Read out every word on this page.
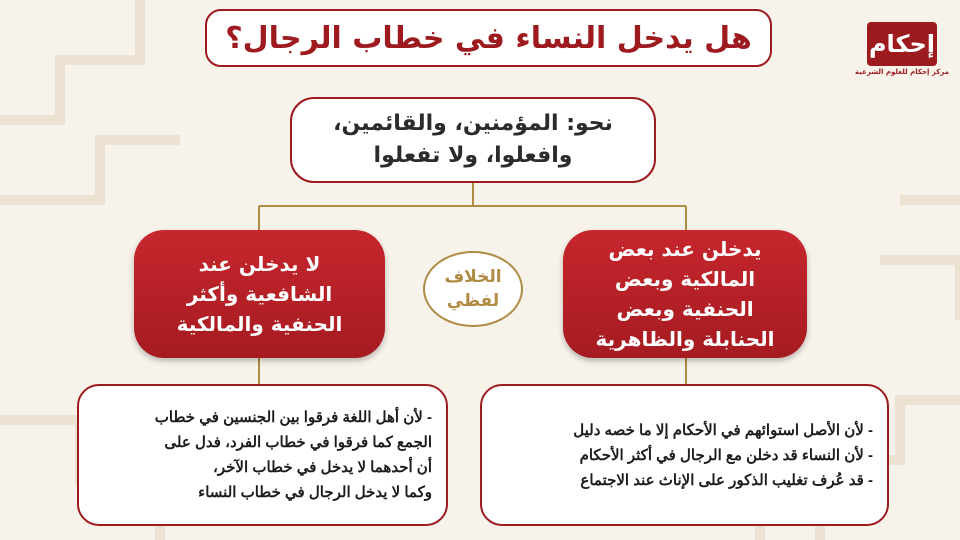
هل يدخل النساء في خطاب الرجال؟	إحكام
مركز إحكام للعلوم الشرعية
نحو: المؤمنين، والقائمين،
وافعلوا، ولا تفعلوا
لا يدخلن عند
الشافعية وأكثر
الحنفية والمالكية
الخلاف
لفظي
يدخلن عند بعض
المالكية وبعض
الحنفية وبعض
الحنابلة والظاهرية
- لأن أهل اللغة فرقوا بين الجنسين في خطاب
الجمع كما فرقوا في خطاب الفرد، فدل على
أن أحدهما لا يدخل في خطاب الآخر،
وكما لا يدخل الرجال في خطاب النساء
- لأن الأصل استوائهم في الأحكام إلا ما خصه دليل
- لأن النساء قد دخلن مع الرجال في أكثر الأحكام
- قد عُرف تغليب الذكور على الإناث عند الاجتماع
